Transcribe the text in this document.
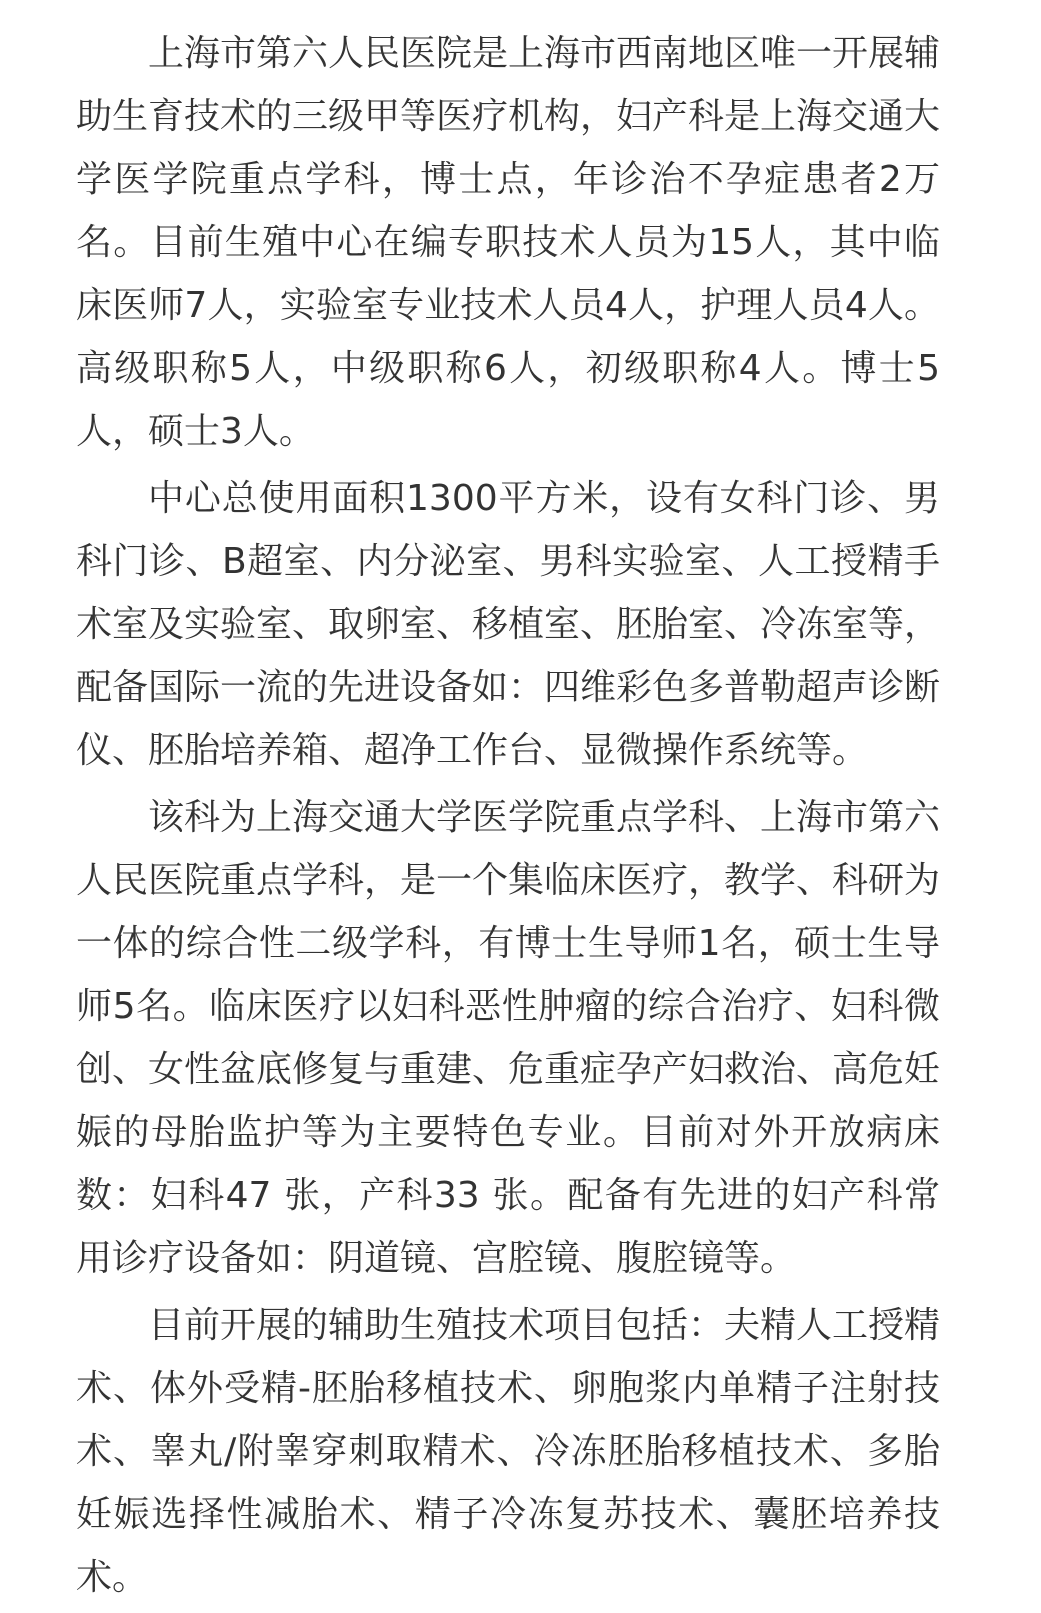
上海市第六人民医院是上海市西南地区唯一开展辅助生育技术的三级甲等医疗机构，妇产科是上海交通大学医学院重点学科，博士点，年诊治不孕症患者2万名。目前生殖中心在编专职技术人员为15人，其中临床医师7人，实验室专业技术人员4人，护理人员4人。高级职称5人，中级职称6人，初级职称4人。博士5人，硕士3人。

中心总使用面积1300平方米，设有女科门诊、男科门诊、B超室、内分泌室、男科实验室、人工授精手术室及实验室、取卵室、移植室、胚胎室、冷冻室等，配备国际一流的先进设备如：四维彩色多普勒超声诊断仪、胚胎培养箱、超净工作台、显微操作系统等。

该科为上海交通大学医学院重点学科、上海市第六人民医院重点学科，是一个集临床医疗，教学、科研为一体的综合性二级学科，有博士生导师1名，硕士生导师5名。临床医疗以妇科恶性肿瘤的综合治疗、妇科微创、女性盆底修复与重建、危重症孕产妇救治、高危妊娠的母胎监护等为主要特色专业。目前对外开放病床数：妇科47 张，产科33 张。配备有先进的妇产科常用诊疗设备如：阴道镜、宫腔镜、腹腔镜等。

目前开展的辅助生殖技术项目包括：夫精人工授精术、体外受精-胚胎移植技术、卵胞浆内单精子注射技术、睾丸/附睾穿刺取精术、冷冻胚胎移植技术、多胎妊娠选择性减胎术、精子冷冻复苏技术、囊胚培养技术。
